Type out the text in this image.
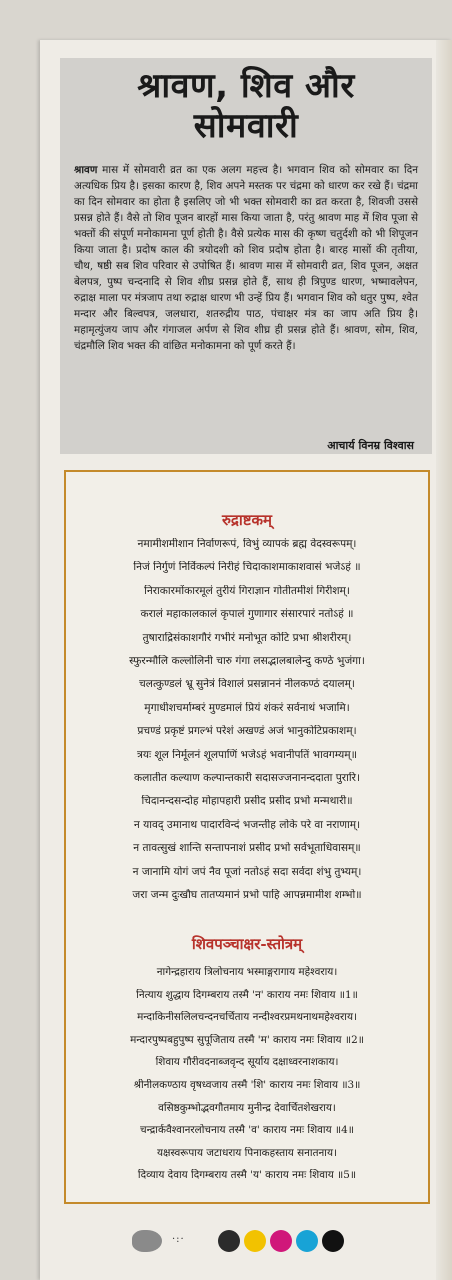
श्रावण, शिव और
सोमवारी
श्रावण मास में सोमवारी व्रत का एक अलग महत्त्व है। भगवान शिव को सोमवार का दिन अत्यधिक प्रिय है। इसका कारण है, शिव अपने मस्तक पर चंद्रमा को धारण कर रखे हैं। चंद्रमा का दिन सोमवार का होता है इसलिए जो भी भक्त सोमवारी का व्रत करता है, शिवजी उससे प्रसन्न होते हैं। वैसे तो शिव पूजन बारहों मास किया जाता है, परंतु श्रावण माह में शिव पूजा से भक्तों की संपूर्ण मनोकामना पूर्ण होती है। वैसे प्रत्येक मास की कृष्ण चतुर्दशी को भी शिपूजन किया जाता है। प्रदोष काल की त्रयोदशी को शिव प्रदोष होता है। बारह मासों की तृतीया, चौथ, षष्ठी सब शिव परिवार से उपोषित हैं। श्रावण मास में सोमवारी व्रत, शिव पूजन, अक्षत बेलपत्र, पुष्प चन्दनादि से शिव शीघ्र प्रसन्न होते हैं, साथ ही त्रिपुण्ड धारण, भष्मावलेपन, रुद्राक्ष माला पर मंत्रजाप तथा रुद्राक्ष धारण भी उन्हें प्रिय हैं। भगवान शिव को धतुर पुष्प, श्वेत मन्दार और बिल्वपत्र, जलधारा, शतरुद्रीय पाठ, पंचाक्षर मंत्र का जाप अति प्रिय है। महामृत्युंजय जाप और गंगाजल अर्पण से शिव शीघ्र ही प्रसन्न होते हैं। श्रावण, सोम, शिव, चंद्रमौलि शिव भक्त की वांछित मनोकामना को पूर्ण करते हैं।
आचार्य विनम्र विश्वास
रुद्राष्टकम्
नमामीशमीशान निर्वाणरूपं, विभुं व्यापकं ब्रह्म वेदस्वरूपम्।
निजं निर्गुणं निर्विकल्पं निरीहं चिदाकाशमाकाशवासं भजेऽहं ॥
निराकारमोंकारमूलं तुरीयं गिराज्ञान गोतीतमीशं गिरीशम्।
करालं महाकालकालं कृपालं गुणागार संसारपारं नतोऽहं ॥
तुषाराद्रिसंकाशगौरं गभीरं मनोभूत कोटि प्रभा श्रीशरीरम्।
स्फुरन्मौलि कल्लोलिनी चारु गंगा लसद्भालबालेन्दु कण्ठे भुजंगा।
चलत्कुण्डलं भ्रू सुनेत्रं विशालं प्रसन्नाननं नीलकण्ठं दयालम्।
मृगाधीशचर्माम्बरं मुण्डमालं प्रियं शंकरं सर्वनाथं भजामि।
प्रचण्डं प्रकृष्टं प्रगल्भं परेशं अखण्डं अजं भानुकोटिप्रकाशम्।
त्रयः शूल निर्मूलनं शूलपाणिं भजेऽहं भवानीपतिं भावगम्यम्॥
कलातीत कल्याण कल्पान्तकारी सदासज्जनानन्ददाता पुरारि।
चिदानन्दसन्दोह मोहापहारी प्रसीद प्रसीद प्रभो मन्मथारी॥
न यावद् उमानाथ पादारविन्दं भजन्तीह लोके परे वा नराणाम्।
न तावत्सुखं शान्ति सन्तापनाशं प्रसीद प्रभो सर्वभूताधिवासम्॥
न जानामि योगं जपं नैव पूजां नतोऽहं सदा सर्वदा शंभु तुभ्यम्।
जरा जन्म दुःखौघ तातप्यमानं प्रभो पाहि आपन्नमामीश शम्भो॥
शिवपञ्चाक्षर-स्तोत्रम्
नागेन्द्रहाराय त्रिलोचनाय भस्माङ्गरागाय महेश्वराय।
नित्याय शुद्धाय दिगम्बराय तस्मै 'न' काराय नमः शिवाय ॥1॥
मन्दाकिनीसलिलचन्दनचर्चिताय नन्दीश्वरप्रमथनाथमहेश्वराय।
मन्दारपुष्पबहुपुष्प सुपूजिताय तस्मै 'म' काराय नमः शिवाय ॥2॥
शिवाय गौरीवदनाब्जवृन्द सूर्याय दक्षाध्वरनाशकाय।
श्रीनीलकण्ठाय वृषध्वजाय तस्मै 'शि' काराय नमः शिवाय ॥3॥
वसिष्ठकुम्भोद्भवगौतमाय मुनीन्द्र देवार्चितशेखराय।
चन्द्रार्कवैश्वानरलोचनाय तस्मै 'व' काराय नमः शिवाय ॥4॥
यक्षस्वरूपाय जटाधराय पिनाकहस्ताय सनातनाय।
दिव्याय देवाय दिगम्बराय तस्मै 'य' काराय नमः शिवाय ॥5॥
·:·
